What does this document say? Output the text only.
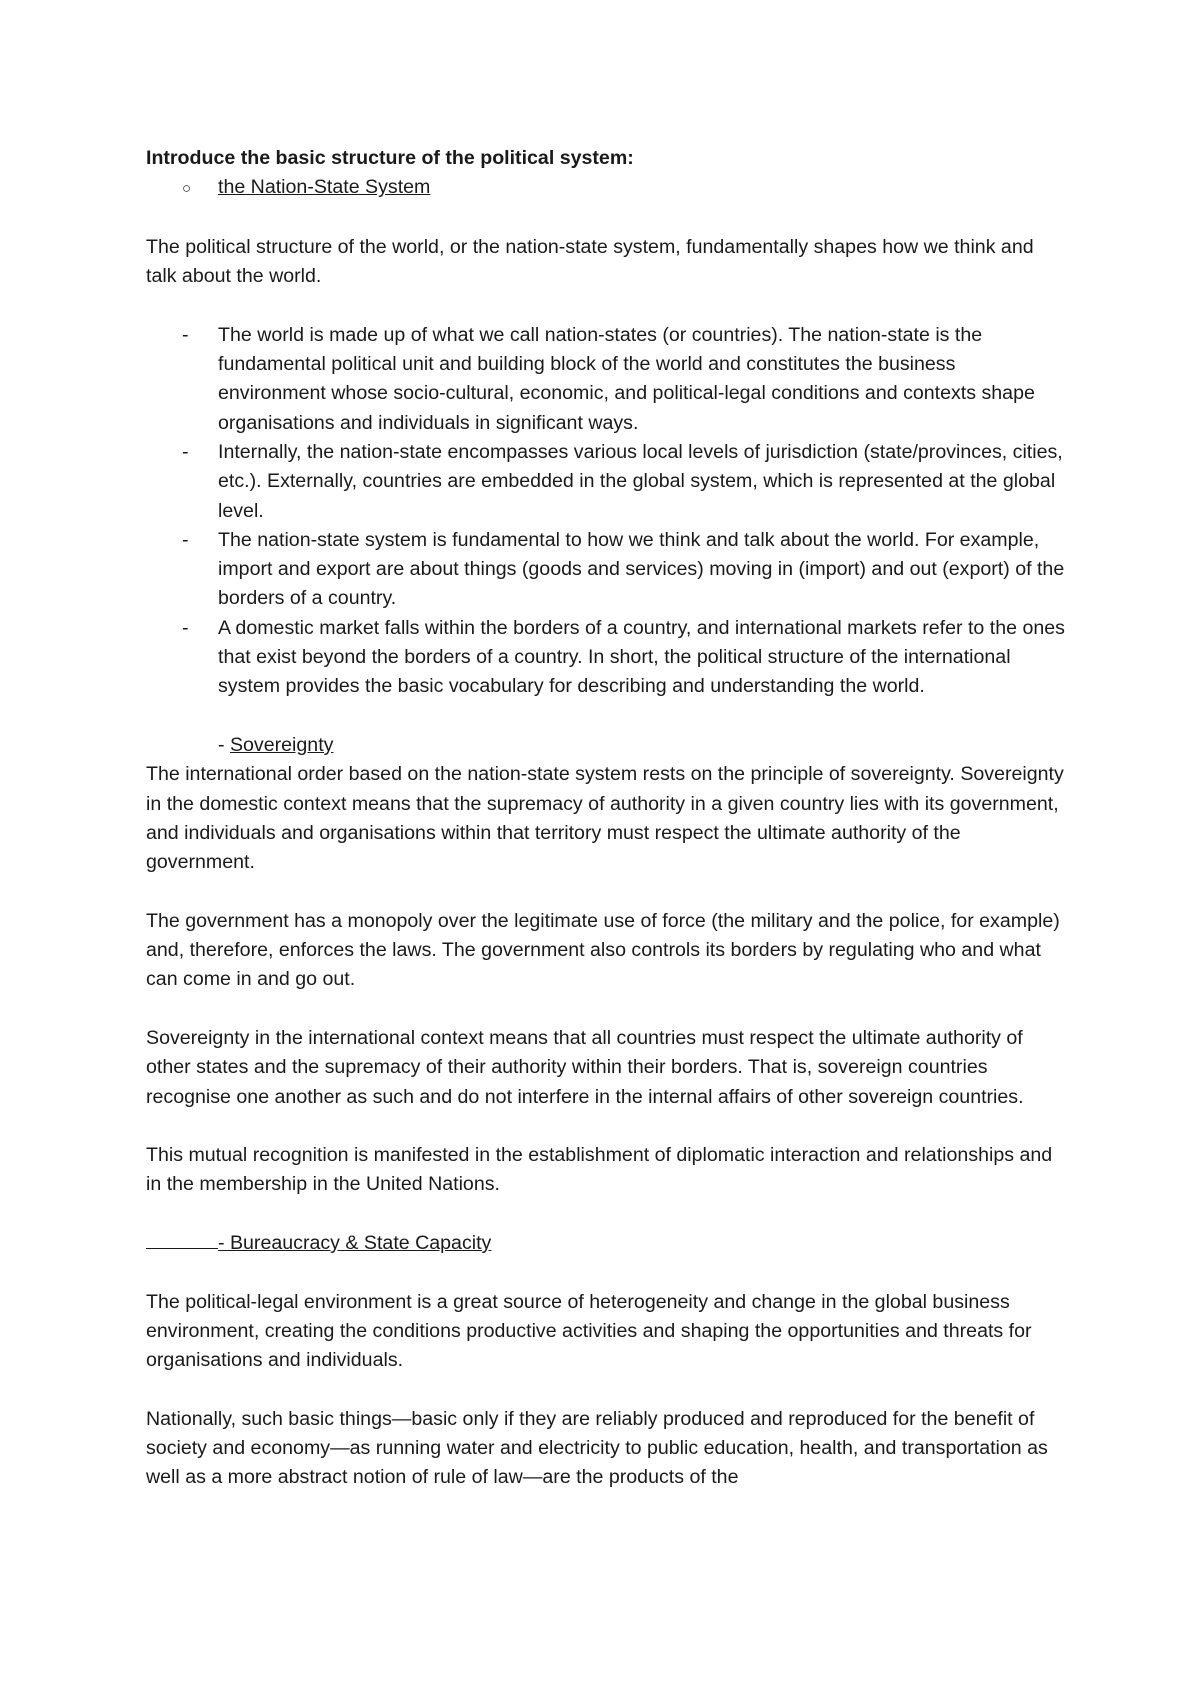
Introduce the basic structure of the political system:

○	the Nation-State System

The political structure of the world, or the nation-state system, fundamentally shapes how we think and talk about the world.

- The world is made up of what we call nation-states (or countries). The nation-state is the fundamental political unit and building block of the world and constitutes the business environment whose socio-cultural, economic, and political-legal conditions and contexts shape organisations and individuals in significant ways.
- Internally, the nation-state encompasses various local levels of jurisdiction (state/provinces, cities, etc.). Externally, countries are embedded in the global system, which is represented at the global level.
- The nation-state system is fundamental to how we think and talk about the world. For example, import and export are about things (goods and services) moving in (import) and out (export) of the borders of a country.
- A domestic market falls within the borders of a country, and international markets refer to the ones that exist beyond the borders of a country. In short, the political structure of the international system provides the basic vocabulary for describing and understanding the world.

- Sovereignty

The international order based on the nation-state system rests on the principle of sovereignty. Sovereignty in the domestic context means that the supremacy of authority in a given country lies with its government, and individuals and organisations within that territory must respect the ultimate authority of the government.

The government has a monopoly over the legitimate use of force (the military and the police, for example) and, therefore, enforces the laws. The government also controls its borders by regulating who and what can come in and go out.

Sovereignty in the international context means that all countries must respect the ultimate authority of other states and the supremacy of their authority within their borders. That is, sovereign countries recognise one another as such and do not interfere in the internal affairs of other sovereign countries.

This mutual recognition is manifested in the establishment of diplomatic interaction and relationships and in the membership in the United Nations.

- Bureaucracy & State Capacity

The political-legal environment is a great source of heterogeneity and change in the global business environment, creating the conditions productive activities and shaping the opportunities and threats for organisations and individuals.

Nationally, such basic things—basic only if they are reliably produced and reproduced for the benefit of society and economy—as running water and electricity to public education, health, and transportation as well as a more abstract notion of rule of law—are the products of the
